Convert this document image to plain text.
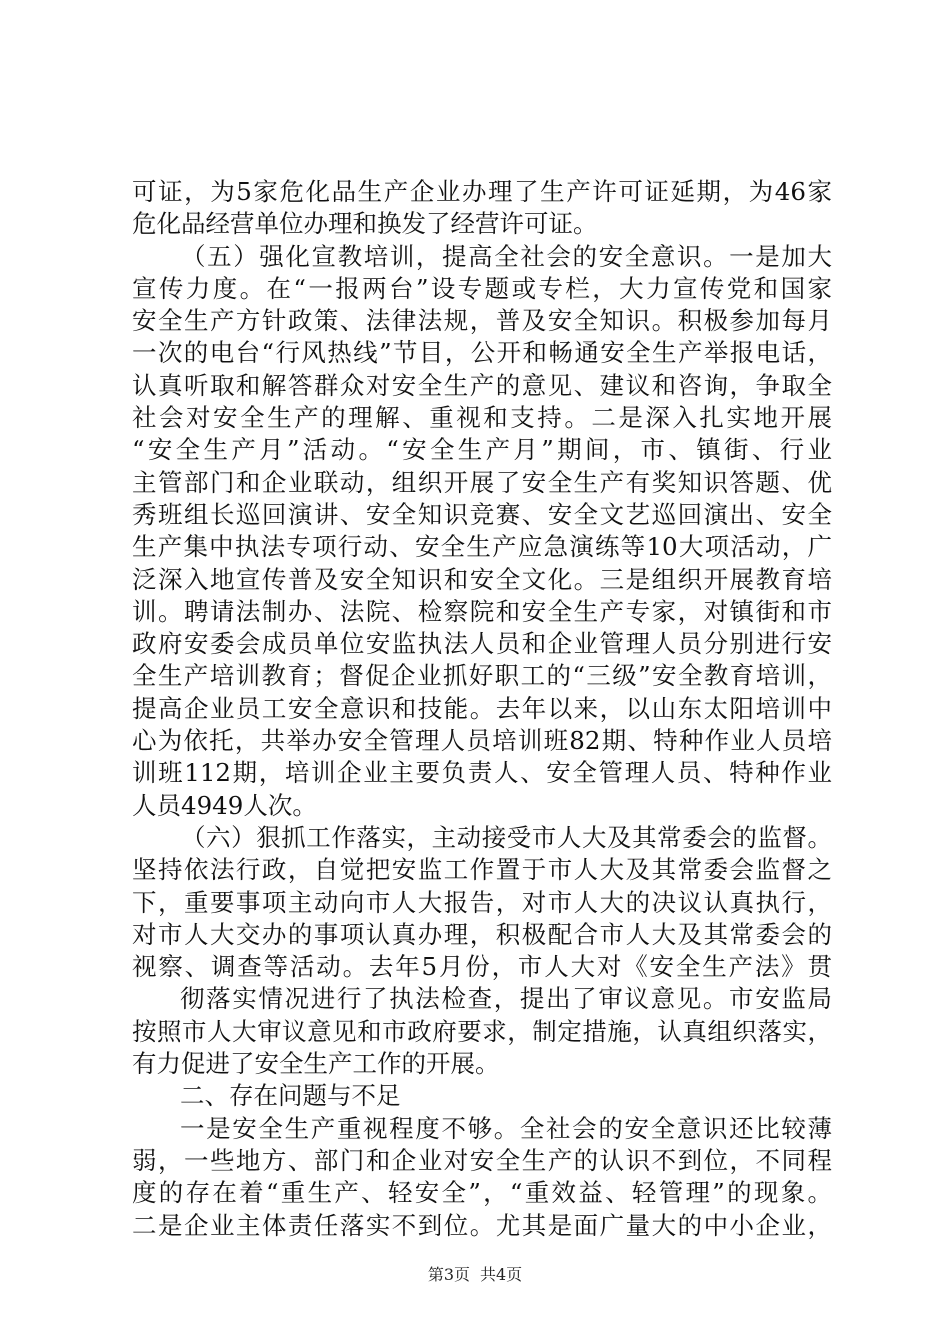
可证，为5家危化品生产企业办理了生产许可证延期，为46家
危化品经营单位办理和换发了经营许可证。
（五）强化宣教培训，提高全社会的安全意识。一是加大
宣传力度。在“一报两台”设专题或专栏，大力宣传党和国家
安全生产方针政策、法律法规，普及安全知识。积极参加每月
一次的电台“行风热线”节目，公开和畅通安全生产举报电话，
认真听取和解答群众对安全生产的意见、建议和咨询，争取全
社会对安全生产的理解、重视和支持。二是深入扎实地开展
“安全生产月”活动。“安全生产月”期间，市、镇街、行业
主管部门和企业联动，组织开展了安全生产有奖知识答题、优
秀班组长巡回演讲、安全知识竞赛、安全文艺巡回演出、安全
生产集中执法专项行动、安全生产应急演练等10大项活动，广
泛深入地宣传普及安全知识和安全文化。三是组织开展教育培
训。聘请法制办、法院、检察院和安全生产专家，对镇街和市
政府安委会成员单位安监执法人员和企业管理人员分别进行安
全生产培训教育；督促企业抓好职工的“三级”安全教育培训，
提高企业员工安全意识和技能。去年以来，以山东太阳培训中
心为依托，共举办安全管理人员培训班82期、特种作业人员培
训班112期，培训企业主要负责人、安全管理人员、特种作业
人员4949人次。
（六）狠抓工作落实，主动接受市人大及其常委会的监督。
坚持依法行政，自觉把安监工作置于市人大及其常委会监督之
下，重要事项主动向市人大报告，对市人大的决议认真执行，
对市人大交办的事项认真办理，积极配合市人大及其常委会的
视察、调查等活动。去年5月份，市人大对《安全生产法》贯
彻落实情况进行了执法检查，提出了审议意见。市安监局
按照市人大审议意见和市政府要求，制定措施，认真组织落实，
有力促进了安全生产工作的开展。
二、存在问题与不足
一是安全生产重视程度不够。全社会的安全意识还比较薄
弱，一些地方、部门和企业对安全生产的认识不到位，不同程
度的存在着“重生产、轻安全”，“重效益、轻管理”的现象。
二是企业主体责任落实不到位。尤其是面广量大的中小企业，
第3页 共4页
